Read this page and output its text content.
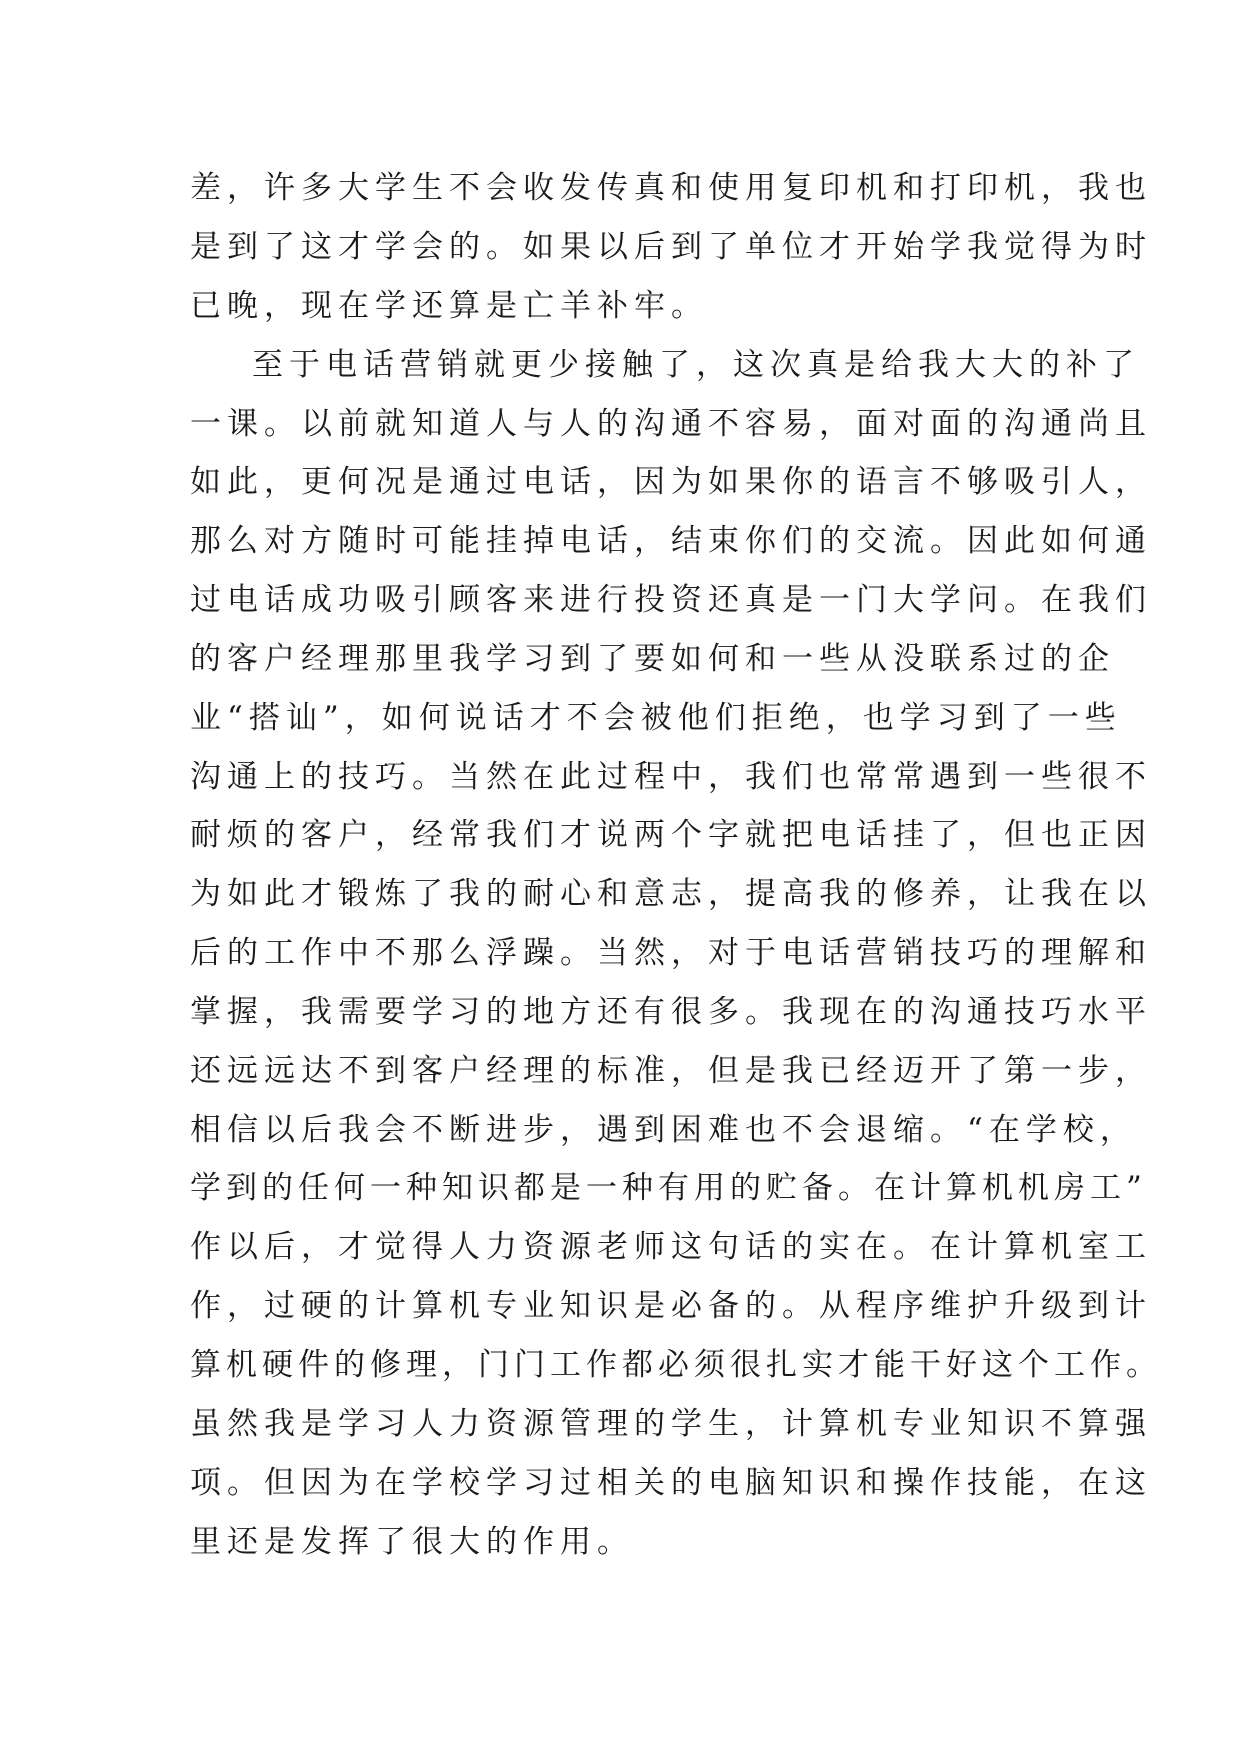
差，许多大学生不会收发传真和使用复印机和打印机，我也
是到了这才学会的。如果以后到了单位才开始学我觉得为时
已晚，现在学还算是亡羊补牢。
至于电话营销就更少接触了，这次真是给我大大的补了
一课。以前就知道人与人的沟通不容易，面对面的沟通尚且
如此，更何况是通过电话，因为如果你的语言不够吸引人，
那么对方随时可能挂掉电话，结束你们的交流。因此如何通
过电话成功吸引顾客来进行投资还真是一门大学问。在我们
的客户经理那里我学习到了要如何和一些从没联系过的企
业“搭讪”，如何说话才不会被他们拒绝，也学习到了一些
沟通上的技巧。当然在此过程中，我们也常常遇到一些很不
耐烦的客户，经常我们才说两个字就把电话挂了，但也正因
为如此才锻炼了我的耐心和意志，提高我的修养，让我在以
后的工作中不那么浮躁。当然，对于电话营销技巧的理解和
掌握，我需要学习的地方还有很多。我现在的沟通技巧水平
还远远达不到客户经理的标准，但是我已经迈开了第一步，
相信以后我会不断进步，遇到困难也不会退缩。“在学校，
学到的任何一种知识都是一种有用的贮备。在计算机机房工”
作以后，才觉得人力资源老师这句话的实在。在计算机室工
作，过硬的计算机专业知识是必备的。从程序维护升级到计
算机硬件的修理，门门工作都必须很扎实才能干好这个工作。
虽然我是学习人力资源管理的学生，计算机专业知识不算强
项。但因为在学校学习过相关的电脑知识和操作技能，在这
里还是发挥了很大的作用。
